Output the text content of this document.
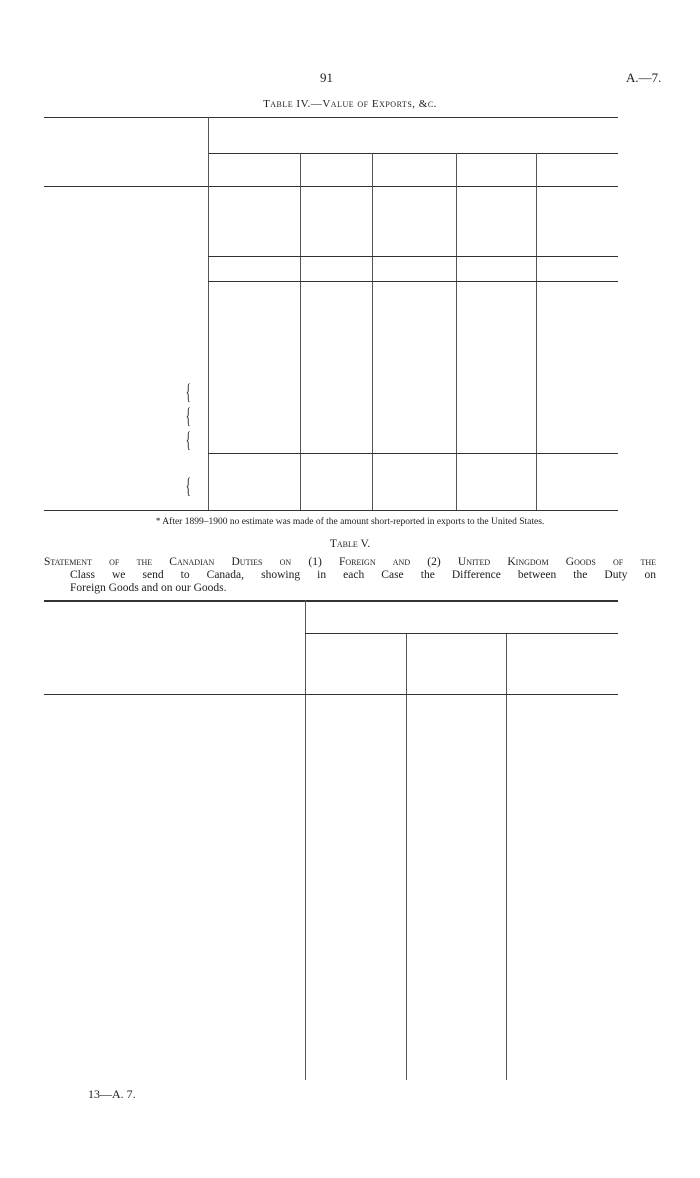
91	A.—7.
Table IV.—Value of Exports, &c.
{
{
{
{
* After 1899–1900 no estimate was made of the amount short-reported in exports to the United States.
Table V.

Statement of the Canadian Duties on (1) Foreign and (2) United Kingdom Goods of the

Class we send to Canada, showing in each Case the Difference between the Duty on

Foreign Goods and on our Goods.

13—A. 7.
